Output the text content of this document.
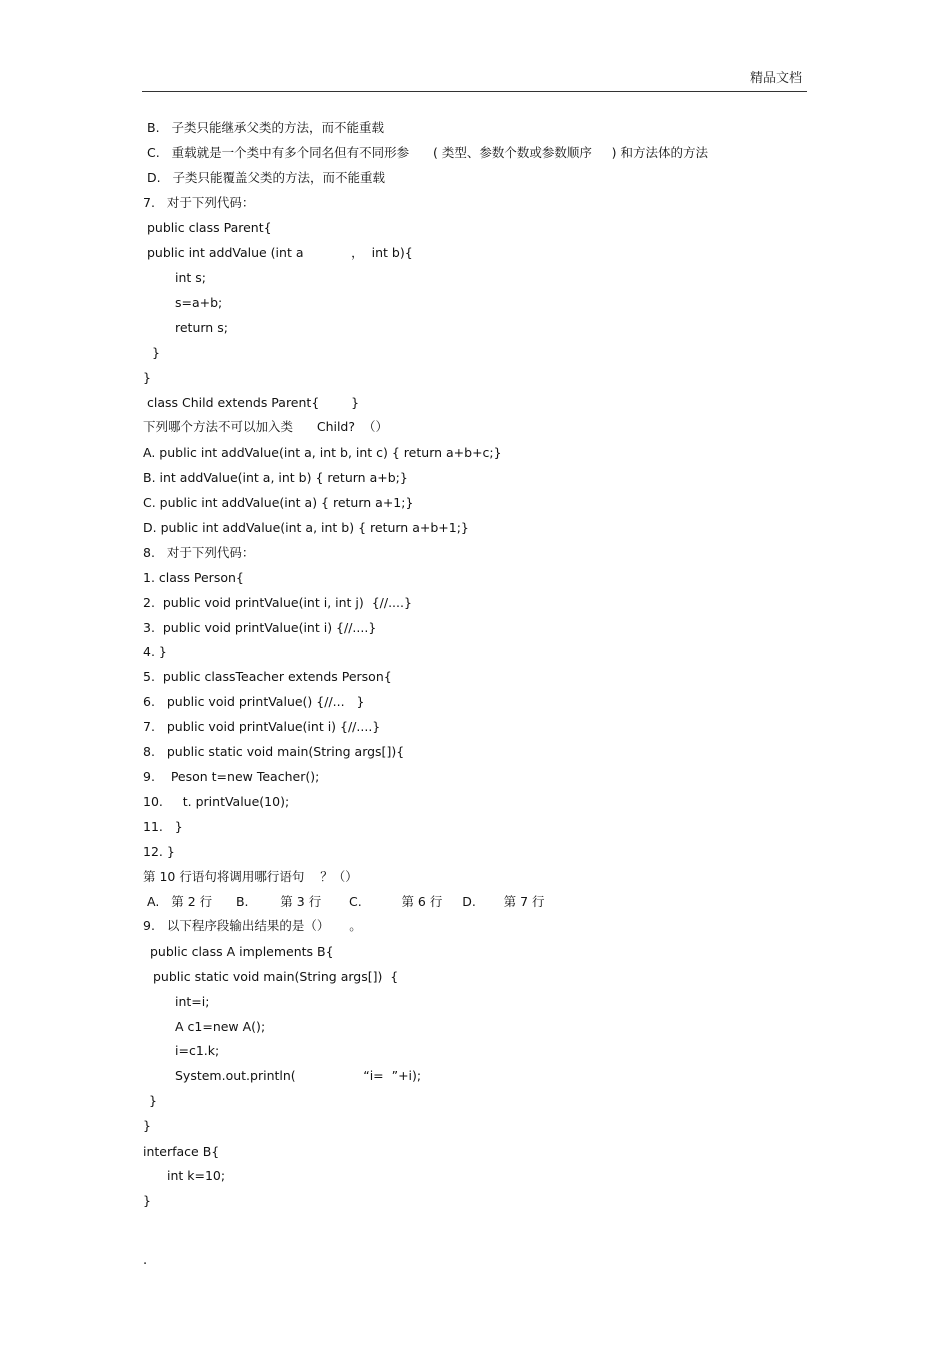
精品文档
B.   子类只能继承父类的方法，而不能重载
C.   重载就是一个类中有多个同名但有不同形参      ( 类型、参数个数或参数顺序     ) 和方法体的方法
D.   子类只能覆盖父类的方法，而不能重载
7.   对于下列代码：
public class Parent{
public int addValue (int a            ，  int b){
int s;
s=a+b;
return s;
}
}
class Child extends Parent{        }
下列哪个方法不可以加入类      Child?  （）
A. public int addValue(int a, int b, int c) { return a+b+c;}
B. int addValue(int a, int b) { return a+b;}
C. public int addValue(int a) { return a+1;}
D. public int addValue(int a, int b) { return a+b+1;}
8.   对于下列代码：
1. class Person{
2.  public void printValue(int i, int j)  {//....}
3.  public void printValue(int i) {//....}
4. }
5.  public classTeacher extends Person{
6.   public void printValue() {//...   }
7.   public void printValue(int i) {//....}
8.   public static void main(String args[]){
9.    Peson t=new Teacher();
10.     t. printValue(10);
11.   }
12. }
第 10 行语句将调用哪行语句    ？（）
A.   第 2 行      B.        第 3 行       C.          第 6 行     D.       第 7 行
9.   以下程序段输出结果的是（）     。
public class A implements B{
public static void main(String args[])  {
int=i;
A c1=new A();
i=c1.k;
System.out.println(                 “i=  ”+i);
}
}
interface B{
int k=10;
}
.
